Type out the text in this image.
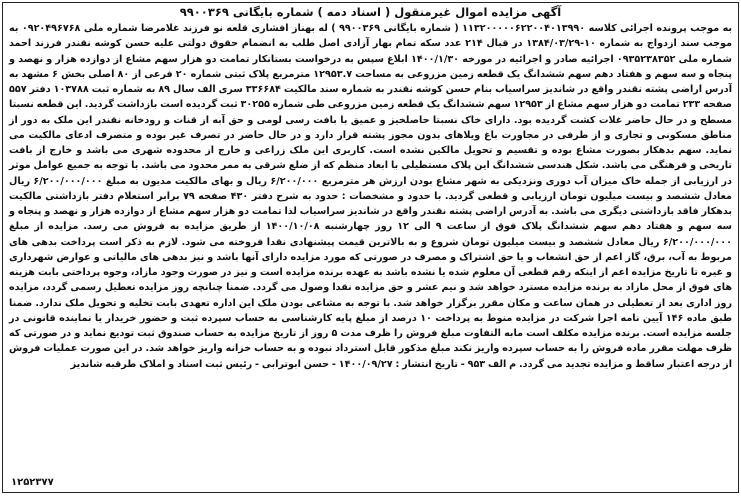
آگهی مزایده اموال غیرمنقول ( اسناد دمه ) شماره بایگانی ۹۹۰۰۳۶۹

به موجب پرونده اجرائی کلاسه ۱۱۳۲۰۰۰۰۰۶۲۲۰۰۴۰۱۳۹۹۰ ( شماره بایگانی ۹۹۰۰۳۶۹ ) له بهناز افشاری قلعه نو فرزند غلامرضا شماره ملی ۰۹۲۰۴۹۶۷۶۸ به موجب سند ازدواج به شماره ۱۰-۱۳۸۴/۰۳/۲۹ در قبال ۲۱۴ عدد سکه تمام بهار آزادی اصل طلب به انضمام حقوق دولتی علیه حسن کوشه نقندر فرزند احمد شماره ملی ۰۹۳۵۲۳۸۳۵۲ اجرائیه صادر و اجرائیه در مورخه ۱۴۰۰/۱/۳۰ ابلاغ سپس به درخواست بستانکار تمامت دو هزار سهم مشاع از دوازده هزار و نهصد و پنجاه و سه سهم و هفتاد دهم سهم ششدانگ یک قطعه زمین مزروعی به مساحت ۱۲۹۵۳.۷ مترمربع پلاک ثبتی شماره ۲۰ فرعی از ۸۰ اصلی بخش ۶ مشهد به آدرس اراضی پشته نقندر واقع در شاندیز سراسیاب بنام حسن کوشه نقندر به شماره سند مالکیت ۳۳۶۶۸۴ سری الف سال ۸۹ به شماره ثبت ۱۰۳۷۸۸ دفتر ۵۵۷ صفحه ۲۳۳ تمامت دو هزار سهم مشاع از ۱۲۹۵۳ سهم ششدانگ یک قطعه زمین مزروعی طی شماره ۳۰۲۵۵ ثبت گردیده است بازداشت گردید. این قطعه نسبتا مسطح و در حال حاضر غلات کشت گردیده بود. دارای خاک نسبتا حاصلخیز و عمیق با بافت رسی لومی و حق آبه از قنات و رودخانه نقندر این ملک به دور از مناطق مسکونی و تجاری و از طرفی در مجاورت باغ ویلاهای بدون مجوز پشته قرار دارد و در حال حاضر در تصرف غیر بوده و متصرف ادعای مالکیت می نماید. سهم بدهکار بصورت مشاع بوده و تقسیم و تحویل مالکین نشده است. کاربری این ملک زراعی و خارج از محدوده شهری می باشد و خارج از بافت تاریخی و فرهنگی می باشد. شکل هندسی ششدانگ این پلاک مستطیلی با ابعاد منظم که از ضلع شرقی به ممر محدود می باشد. با توجه به جمیع عوامل موثر در ارزیابی از جمله خاک میزان آب دوری ونزدیکی به شهر مشاع بودن ارزش هر مترمربع ۶/۲۰۰/۰۰۰ ریال و بهای مالکیت مدیون به مبلغ ۶/۲۰۰/۰۰۰/۰۰۰ ریال معادل ششصد و بیست میلیون تومان ارزیابی و قطعی گردید. با حدود و مشخصات : حدود به شرح دفتر ۴۳۰ صفحه ۷۹ برابر استعلام دفتر بازداشتی مالکیت بدهکار فاقد بازداشتی دیگری می باشد. به آدرس اراضی پشته نقندر واقع در شاندیز سراسیاب لذا تمامت دو هزار سهم مشاع از دوازده هزار و نهصد و پنجاه و سه سهم و هفتاد دهم سهم ششدانگ پلاک فوق از ساعت ۹ الی ۱۲ روز چهارشنبه ۱۴۰۰/۱۰/۰۸ از طریق مزایده به فروش می رسد. مزایده از مبلغ ۶/۲۰۰/۰۰۰/۰۰۰ ریال معادل ششصد و بیست میلیون تومان شروع و به بالاترین قیمت پیشنهادی نقدا فروخته می شود. لازم به ذکر است پرداخت بدهی های مربوط به آب، برق، گاز اعم از حق انشعاب و یا حق اشتراک و مصرف در صورتی که مورد مزایده دارای آنها باشد و نیز بدهی های مالیاتی و عوارض شهرداری و غیره تا تاریخ مزایده اعم از اینکه رقم قطعی آن معلوم شده یا نشده باشد به عهده برنده مزایده است و نیز در صورت وجود مازاد، وجوه پرداختی بابت هزینه های فوق از محل مازاد به برنده مزایده مسترد خواهد شد و نیم عشر و حق مزایده نقدا وصول می گردد. ضمنا چنانچه روز مزایده تعطیل رسمی گردد، مزایده روز اداری بعد از تعطیلی در همان ساعت و مکان مقرر برگزار خواهد شد. با توجه به مشاعی بودن ملک این اداره تعهدی بابت تخلیه و تحویل ملک ندارد. ضمنا طبق ماده ۱۴۶ آیین نامه اجرا شرکت در مزایده منوط به پرداخت ۱۰ درصد از مبلغ پایه کارشناسی به حساب سپرده ثبت و حضور خریدار یا نماینده قانونی در جلسه مزایده است. برنده مزایده مکلف است مابه التفاوت مبلغ فروش را ظرف مدت ۵ روز از تاریخ مزایده به حساب صندوق ثبت تودیع نماید و در صورتی که ظرف مهلت مقرر ماده فروش را به حساب سپرده واریز نکند مبلغ مذکور قابل استرداد نبوده و به حساب خزانه واریز خواهد شد. در این صورت عملیات فروش از درجه اعتبار ساقط و مزایده تجدید می گردد. م الف ۹۵۳ - تاریخ انتشار : ۱۴۰۰/۰۹/۲۷ - حسن ابوترابی - رئیس ثبت اسناد و املاک طرقبه شاندیز

۱۲۵۲۳۷۷
